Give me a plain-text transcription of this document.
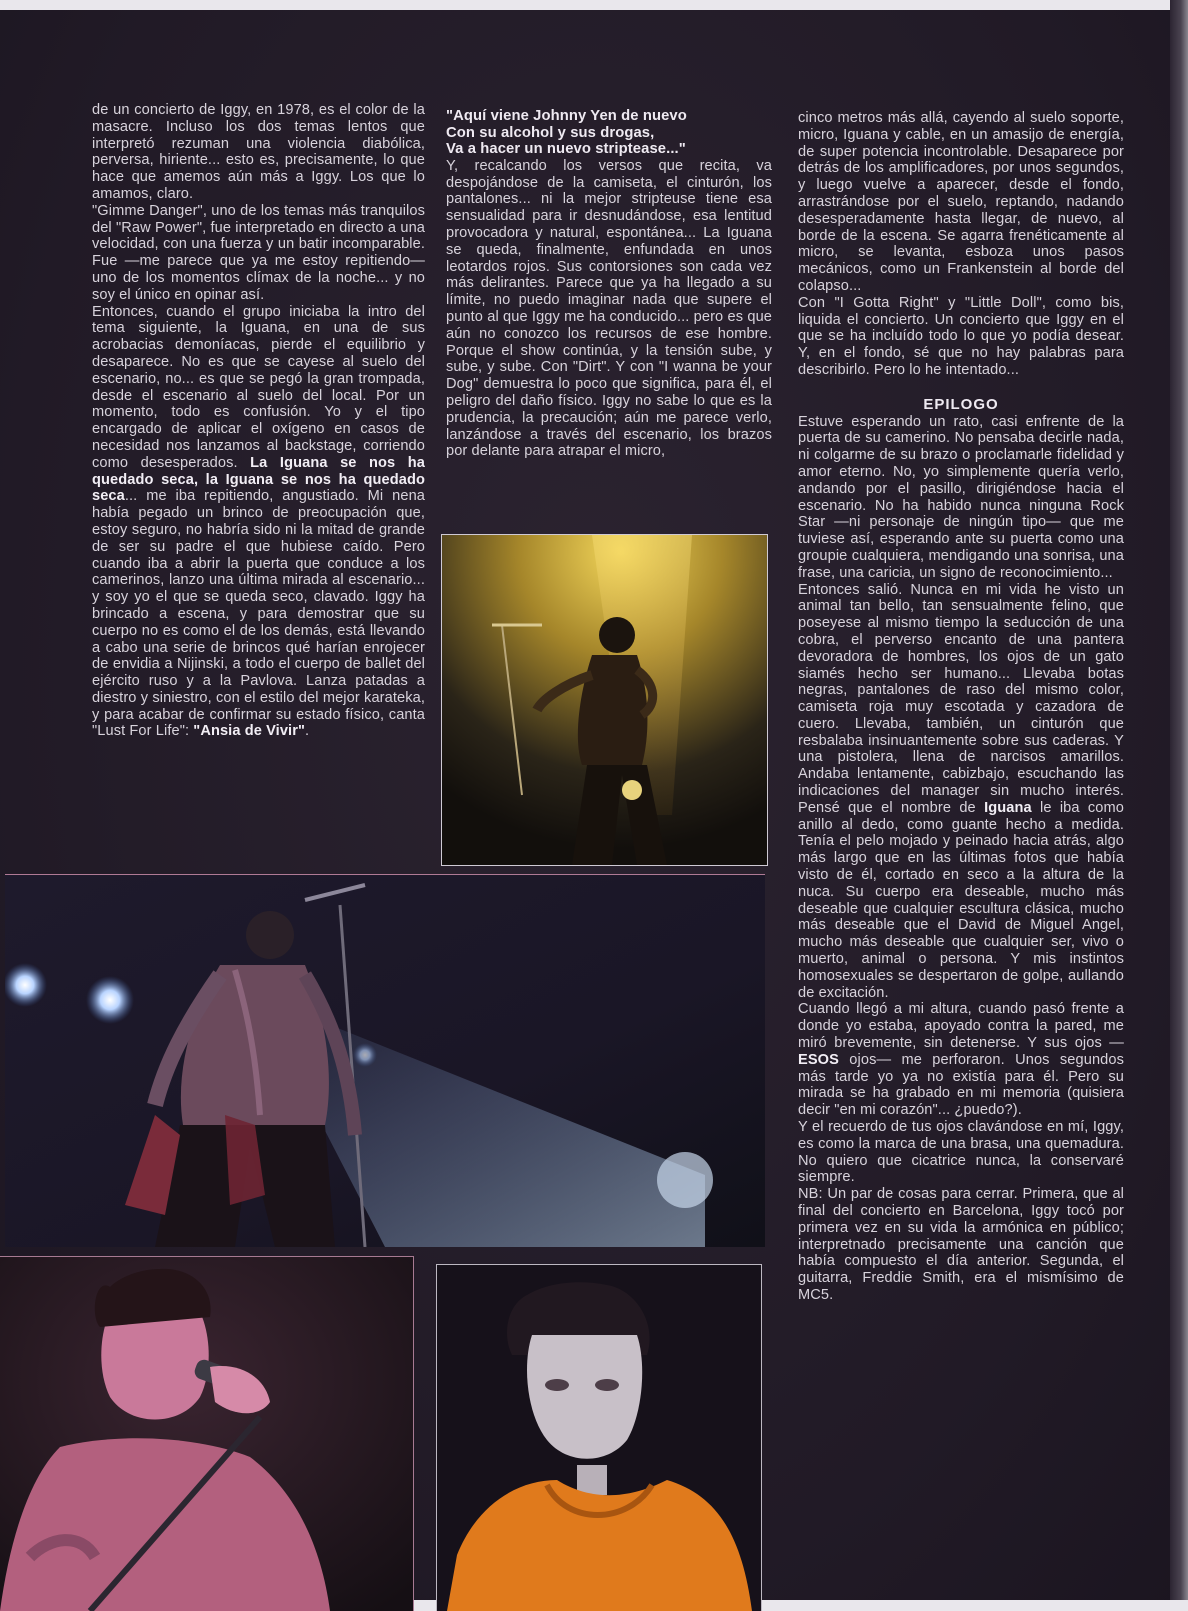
de un concierto de Iggy, en 1978, es el color de la masacre. Incluso los dos temas lentos que interpretó rezuman una violencia diabólica, perversa, hiriente... esto es, precisamente, lo que hace que amemos aún más a Iggy. Los que lo amamos, claro.

"Gimme Danger", uno de los temas más tranquilos del "Raw Power", fue interpretado en directo a una velocidad, con una fuerza y un batir incomparable. Fue —me parece que ya me estoy repitiendo— uno de los momentos clímax de la noche... y no soy el único en opinar así.

Entonces, cuando el grupo iniciaba la intro del tema siguiente, la Iguana, en una de sus acrobacias demoníacas, pierde el equilibrio y desaparece. No es que se cayese al suelo del escenario, no... es que se pegó la gran trompada, desde el escenario al suelo del local. Por un momento, todo es confusión. Yo y el tipo encargado de aplicar el oxígeno en casos de necesidad nos lanzamos al backstage, corriendo como desesperados. La Iguana se nos ha quedado seca, la Iguana se nos ha quedado seca... me iba repitiendo, angustiado. Mi nena había pegado un brinco de preocupación que, estoy seguro, no habría sido ni la mitad de grande de ser su padre el que hubiese caído. Pero cuando iba a abrir la puerta que conduce a los camerinos, lanzo una última mirada al escenario... y soy yo el que se queda seco, clavado. Iggy ha brincado a escena, y para demostrar que su cuerpo no es como el de los demás, está llevando a cabo una serie de brincos qué harían enrojecer de envidia a Nijinski, a todo el cuerpo de ballet del ejército ruso y a la Pavlova. Lanza patadas a diestro y siniestro, con el estilo del mejor karateka, y para acabar de confirmar su estado físico, canta "Lust For Life": "Ansia de Vivir".

"Aquí viene Johnny Yen de nuevo
Con su alcohol y sus drogas,
Va a hacer un nuevo striptease..."

Y, recalcando los versos que recita, va despojándose de la camiseta, el cinturón, los pantalones... ni la mejor stripteuse tiene esa sensualidad para ir desnudándose, esa lentitud provocadora y natural, espontánea... La Iguana se queda, finalmente, enfundada en unos leotardos rojos. Sus contorsiones son cada vez más delirantes. Parece que ya ha llegado a su límite, no puedo imaginar nada que supere el punto al que Iggy me ha conducido... pero es que aún no conozco los recursos de ese hombre. Porque el show continúa, y la tensión sube, y sube, y sube. Con "Dirt". Y con "I wanna be your Dog" demuestra lo poco que significa, para él, el peligro del daño físico. Iggy no sabe lo que es la prudencia, la precaución; aún me parece verlo, lanzándose a través del escenario, los brazos por delante para atrapar el micro,

cinco metros más allá, cayendo al suelo soporte, micro, Iguana y cable, en un amasijo de energía, de super potencia incontrolable. Desaparece por detrás de los amplificadores, por unos segundos, y luego vuelve a aparecer, desde el fondo, arrastrándose por el suelo, reptando, nadando desesperadamente hasta llegar, de nuevo, al borde de la escena. Se agarra frenéticamente al micro, se levanta, esboza unos pasos mecánicos, como un Frankenstein al borde del colapso...

Con "I Gotta Right" y "Little Doll", como bis, liquida el concierto. Un concierto que Iggy en el que se ha incluído todo lo que yo podía desear. Y, en el fondo, sé que no hay palabras para describirlo. Pero lo he intentado...

EPILOGO

Estuve esperando un rato, casi enfrente de la puerta de su camerino. No pensaba decirle nada, ni colgarme de su brazo o proclamarle fidelidad y amor eterno. No, yo simplemente quería verlo, andando por el pasillo, dirigiéndose hacia el escenario. No ha habido nunca ninguna Rock Star —ni personaje de ningún tipo— que me tuviese así, esperando ante su puerta como una groupie cualquiera, mendigando una sonrisa, una frase, una caricia, un signo de reconocimiento...

Entonces salió. Nunca en mi vida he visto un animal tan bello, tan sensualmente felino, que poseyese al mismo tiempo la seducción de una cobra, el perverso encanto de una pantera devoradora de hombres, los ojos de un gato siamés hecho ser humano... Llevaba botas negras, pantalones de raso del mismo color, camiseta roja muy escotada y cazadora de cuero. Llevaba, también, un cinturón que resbalaba insinuantemente sobre sus caderas. Y una pistolera, llena de narcisos amarillos. Andaba lentamente, cabizbajo, escuchando las indicaciones del manager sin mucho interés. Pensé que el nombre de Iguana le iba como anillo al dedo, como guante hecho a medida. Tenía el pelo mojado y peinado hacia atrás, algo más largo que en las últimas fotos que había visto de él, cortado en seco a la altura de la nuca. Su cuerpo era deseable, mucho más deseable que cualquier escultura clásica, mucho más deseable que el David de Miguel Angel, mucho más deseable que cualquier ser, vivo o muerto, animal o persona. Y mis instintos homosexuales se despertaron de golpe, aullando de excitación.

Cuando llegó a mi altura, cuando pasó frente a donde yo estaba, apoyado contra la pared, me miró brevemente, sin detenerse. Y sus ojos —ESOS ojos— me perforaron. Unos segundos más tarde yo ya no existía para él. Pero su mirada se ha grabado en mi memoria (quisiera decir "en mi corazón"... ¿puedo?).

Y el recuerdo de tus ojos clavándose en mí, Iggy, es como la marca de una brasa, una quemadura. No quiero que cicatrice nunca, la conservaré siempre.

NB: Un par de cosas para cerrar. Primera, que al final del concierto en Barcelona, Iggy tocó por primera vez en su vida la armónica en público; interpretnado precisamente una canción que había compuesto el día anterior. Segunda, el guitarra, Freddie Smith, era el mismísimo de MC5.
